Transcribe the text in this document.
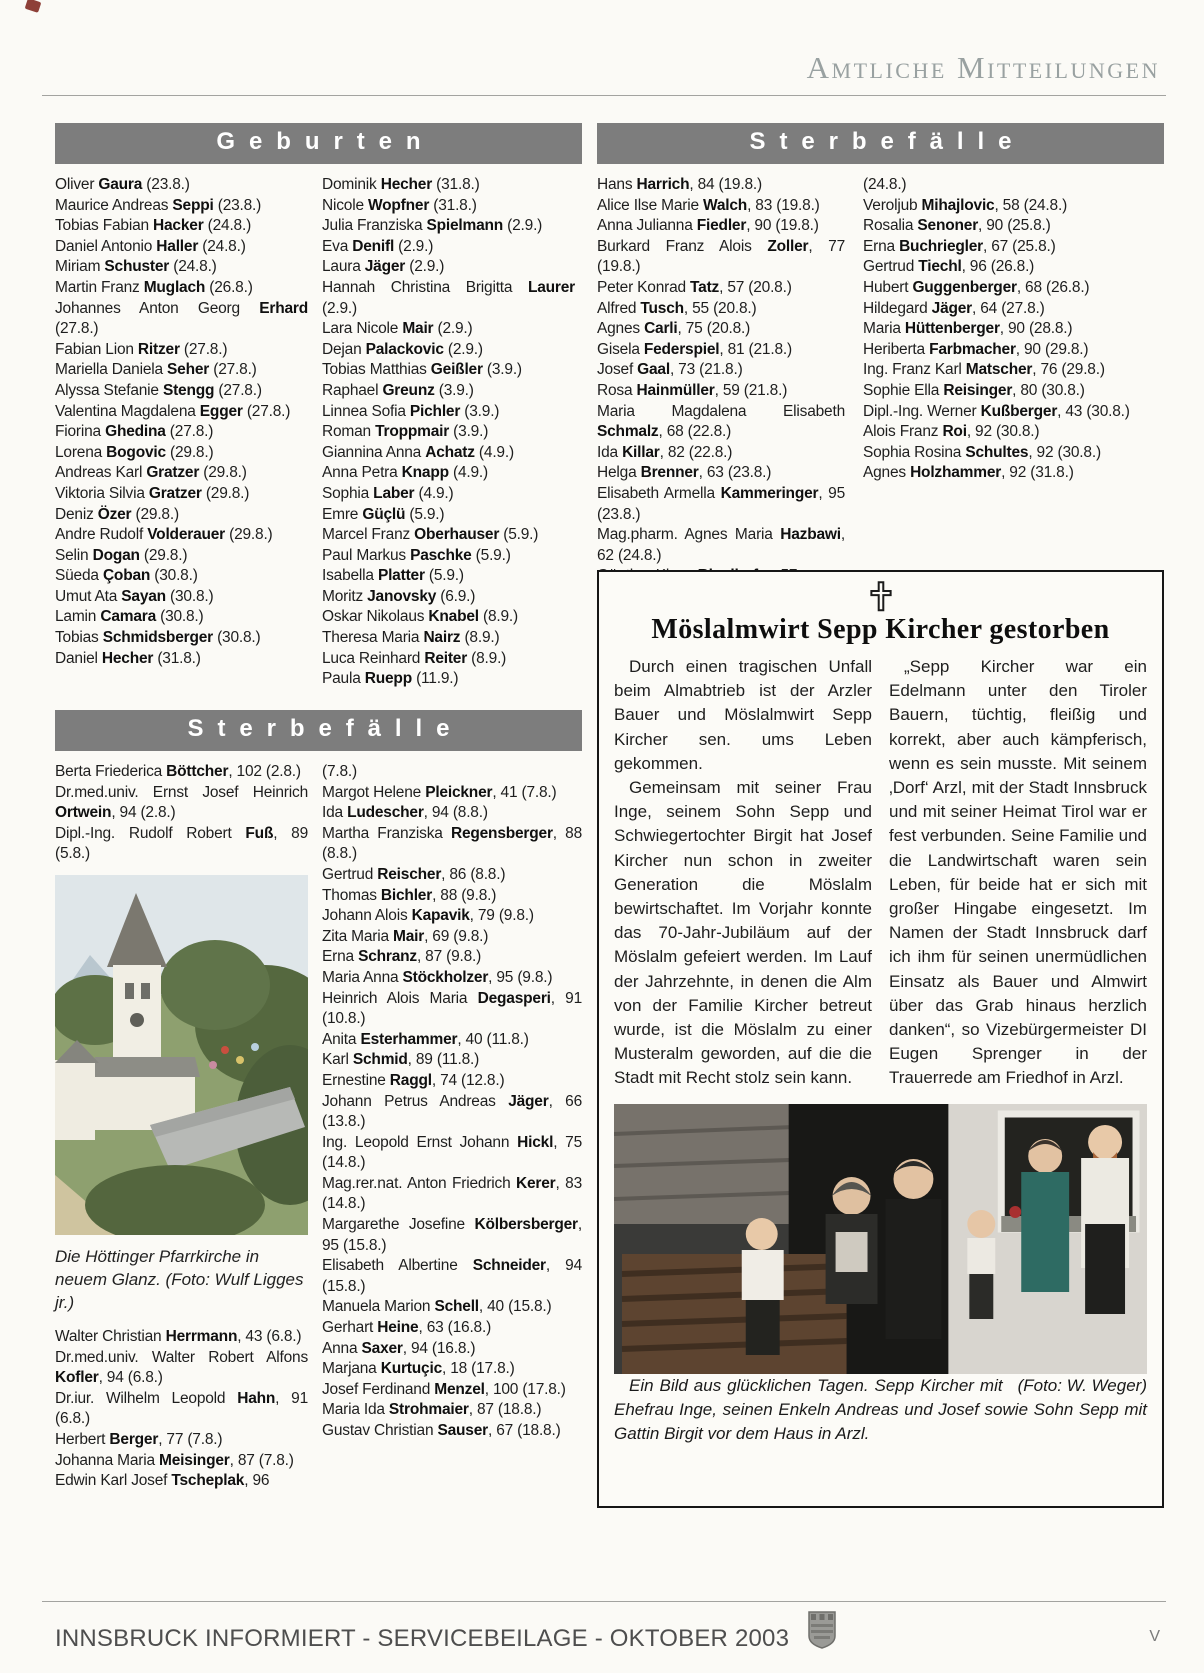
Amtliche Mitteilungen
Geburten
Oliver Gaura (23.8.)
Maurice Andreas Seppi (23.8.)
Tobias Fabian Hacker (24.8.)
Daniel Antonio Haller (24.8.)
Miriam Schuster (24.8.)
Martin Franz Muglach (26.8.)
Johannes Anton Georg Erhard (27.8.)
Fabian Lion Ritzer (27.8.)
Mariella Daniela Seher (27.8.)
Alyssa Stefanie Stengg (27.8.)
Valentina Magdalena Egger (27.8.)
Fiorina Ghedina (27.8.)
Lorena Bogovic (29.8.)
Andreas Karl Gratzer (29.8.)
Viktoria Silvia Gratzer (29.8.)
Deniz Özer (29.8.)
Andre Rudolf Volderauer (29.8.)
Selin Dogan (29.8.)
Süeda Çoban (30.8.)
Umut Ata Sayan (30.8.)
Lamin Camara (30.8.)
Tobias Schmidsberger (30.8.)
Daniel Hecher (31.8.)
Dominik Hecher (31.8.)
Nicole Wopfner (31.8.)
Julia Franziska Spielmann (2.9.)
Eva Denifl (2.9.)
Laura Jäger (2.9.)
Hannah Christina Brigitta Laurer (2.9.)
Lara Nicole Mair (2.9.)
Dejan Palackovic (2.9.)
Tobias Matthias Geißler (3.9.)
Raphael Greunz (3.9.)
Linnea Sofia Pichler (3.9.)
Roman Troppmair (3.9.)
Giannina Anna Achatz (4.9.)
Anna Petra Knapp (4.9.)
Sophia Laber (4.9.)
Emre Güçlü (5.9.)
Marcel Franz Oberhauser (5.9.)
Paul Markus Paschke (5.9.)
Isabella Platter (5.9.)
Moritz Janovsky (6.9.)
Oskar Nikolaus Knabel (8.9.)
Theresa Maria Nairz (8.9.)
Luca Reinhard Reiter (8.9.)
Paula Ruepp (11.9.)
Sterbefälle
Hans Harrich, 84 (19.8.)
Alice Ilse Marie Walch, 83 (19.8.)
Anna Julianna Fiedler, 90 (19.8.)
Burkard Franz Alois Zoller, 77 (19.8.)
Peter Konrad Tatz, 57 (20.8.)
Alfred Tusch, 55 (20.8.)
Agnes Carli, 75 (20.8.)
Gisela Federspiel, 81 (21.8.)
Josef Gaal, 73 (21.8.)
Rosa Hainmüller, 59 (21.8.)
Maria Magdalena Elisabeth Schmalz, 68 (22.8.)
Ida Killar, 82 (22.8.)
Helga Brenner, 63 (23.8.)
Elisabeth Armella Kammeringer, 95 (23.8.)
Mag.pharm. Agnes Maria Hazbawi, 62 (24.8.)
(24.8.)
Veroljub Mihajlovic, 58 (24.8.)
Rosalia Senoner, 90 (25.8.)
Erna Buchriegler, 67 (25.8.)
Gertrud Tiechl, 96 (26.8.)
Hubert Guggenberger, 68 (26.8.)
Hildegard Jäger, 64 (27.8.)
Maria Hüttenberger, 90 (28.8.)
Heriberta Farbmacher, 90 (29.8.)
Ing. Franz Karl Matscher, 76 (29.8.)
Sophie Ella Reisinger, 80 (30.8.)
Dipl.-Ing. Werner Kußberger, 43 (30.8.)
Alois Franz Roi, 92 (30.8.)
Sophia Rosina Schultes, 92 (30.8.)
Agnes Holzhammer, 92 (31.8.)
Sterbefälle
Berta Friederica Böttcher, 102 (2.8.)
Dr.med.univ. Ernst Josef Heinrich Ortwein, 94 (2.8.)
Dipl.-Ing. Rudolf Robert Fuß, 89 (5.8.)

Die Höttinger Pfarrkirche in neuem Glanz. (Foto: Wulf Ligges jr.)

Walter Christian Herrmann, 43 (6.8.)
Dr.med.univ. Walter Robert Alfons Kofler, 94 (6.8.)
Dr.iur. Wilhelm Leopold Hahn, 91 (6.8.)
Herbert Berger, 77 (7.8.)
Johanna Maria Meisinger, 87 (7.8.)
Edwin Karl Josef Tscheplak, 96
(7.8.)
Margot Helene Pleickner, 41 (7.8.)
Ida Ludescher, 94 (8.8.)
Martha Franziska Regensberger, 88 (8.8.)
Gertrud Reischer, 86 (8.8.)
Thomas Bichler, 88 (9.8.)
Johann Alois Kapavik, 79 (9.8.)
Zita Maria Mair, 69 (9.8.)
Erna Schranz, 87 (9.8.)
Maria Anna Stöckholzer, 95 (9.8.)
Heinrich Alois Maria Degasperi, 91 (10.8.)
Anita Esterhammer, 40 (11.8.)
Karl Schmid, 89 (11.8.)
Ernestine Raggl, 74 (12.8.)
Johann Petrus Andreas Jäger, 66 (13.8.)
Ing. Leopold Ernst Johann Hickl, 75 (14.8.)
Mag.rer.nat. Anton Friedrich Kerer, 83 (14.8.)
Margarethe Josefine Kölbersberger, 95 (15.8.)
Elisabeth Albertine Schneider, 94 (15.8.)
Manuela Marion Schell, 40 (15.8.)
Gerhart Heine, 63 (16.8.)
Anna Saxer, 94 (16.8.)
Marjana Kurtuçic, 18 (17.8.)
Josef Ferdinand Menzel, 100 (17.8.)
Maria Ida Strohmaier, 87 (18.8.)
Gustav Christian Sauser, 67 (18.8.)
Möslalmwirt Sepp Kircher gestorben

Durch einen tragischen Unfall beim Almabtrieb ist der Arzler Bauer und Möslalmwirt Sepp Kircher sen. ums Leben gekommen.

Gemeinsam mit seiner Frau Inge, seinem Sohn Sepp und Schwiegertochter Birgit hat Josef Kircher nun schon in zweiter Generation die Möslalm bewirtschaftet. Im Vorjahr konnte das 70-Jahr-Jubiläum auf der Möslalm gefeiert werden. Im Lauf der Jahrzehnte, in denen die Alm von der Familie Kircher betreut wurde, ist die Möslalm zu einer Musteralm geworden, auf die die Stadt mit Recht stolz sein kann.

„Sepp Kircher war ein Edelmann unter den Tiroler Bauern, tüchtig, fleißig und korrekt, aber auch kämpferisch, wenn es sein musste. Mit seinem ‚Dorf‘ Arzl, mit der Stadt Innsbruck und mit seiner Heimat Tirol war er fest verbunden. Seine Familie und die Landwirtschaft waren sein Leben, für beide hat er sich mit großer Hingabe eingesetzt. Im Namen der Stadt Innsbruck darf ich ihm für seinen unermüdlichen Einsatz als Bauer und Almwirt über das Grab hinaus herzlich danken“, so Vizebürgermeister DI Eugen Sprenger in der Trauerrede am Friedhof in Arzl.

(Foto: W. Weger)
Ein Bild aus glücklichen Tagen. Sepp Kircher mit Ehefrau Inge, seinen Enkeln Andreas und Josef sowie Sohn Sepp mit Gattin Birgit vor dem Haus in Arzl.

INNSBRUCK INFORMIERT - SERVICEBEILAGE - OKTOBER 2003	V
